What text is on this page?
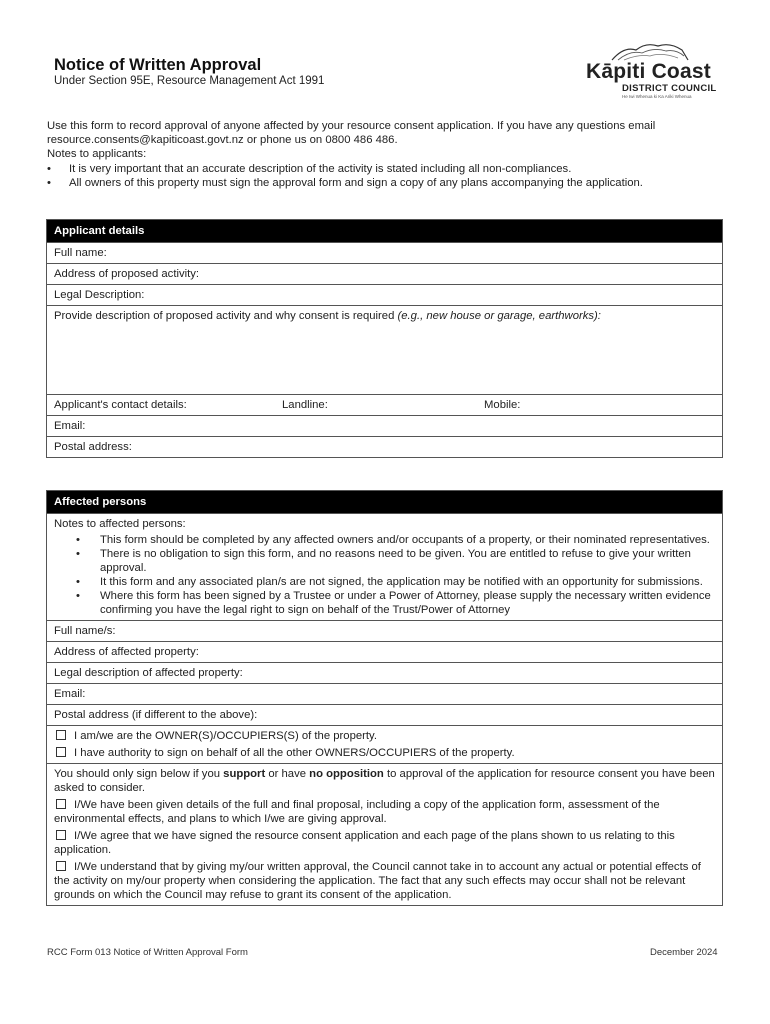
Notice of Written Approval
Under Section 95E, Resource Management Act 1991	Kāpiti Coast
DISTRICT COUNCIL
He Iwi Whenua ki Ka Ariki Whenua

Use this form to record approval of anyone affected by your resource consent application. If you have any questions email resource.consents@kapiticoast.govt.nz or phone us on 0800 486 486.

Notes to applicants:

• It is very important that an accurate description of the activity is stated including all non-compliances.
• All owners of this property must sign the approval form and sign a copy of any plans accompanying the application.
Applicant details
Full name:
Address of proposed activity:
Legal Description:
Provide description of proposed activity and why consent is required (e.g., new house or garage, earthworks):

Applicant's contact details:	Landline:	Mobile:

Email:
Postal address:
Affected persons

Notes to affected persons:
• This form should be completed by any affected owners and/or occupants of a property, or their nominated representatives.
• There is no obligation to sign this form, and no reasons need to be given. You are entitled to refuse to give your written approval.
• It this form and any associated plan/s are not signed, the application may be notified with an opportunity for submissions.
• Where this form has been signed by a Trustee or under a Power of Attorney, please supply the necessary written evidence confirming you have the legal right to sign on behalf of the Trust/Power of Attorney

Full name/s:
Address of affected property:
Legal description of affected property:
Email:
Postal address (if different to the above):

I am/we are the OWNER(S)/OCCUPIERS(S) of the property.
I have authority to sign on behalf of all the other OWNERS/OCCUPIERS of the property.

You should only sign below if you support or have no opposition to approval of the application for resource consent you have been asked to consider.

I/We have been given details of the full and final proposal, including a copy of the application form, assessment of the environmental effects, and plans to which I/we are giving approval.

I/We agree that we have signed the resource consent application and each page of the plans shown to us relating to this application.

I/We understand that by giving my/our written approval, the Council cannot take in to account any actual or potential effects of the activity on my/our property when considering the application. The fact that any such effects may occur shall not be relevant grounds on which the Council may refuse to grant its consent of the application.

RCC Form 013 Notice of Written Approval Form	December 2024
